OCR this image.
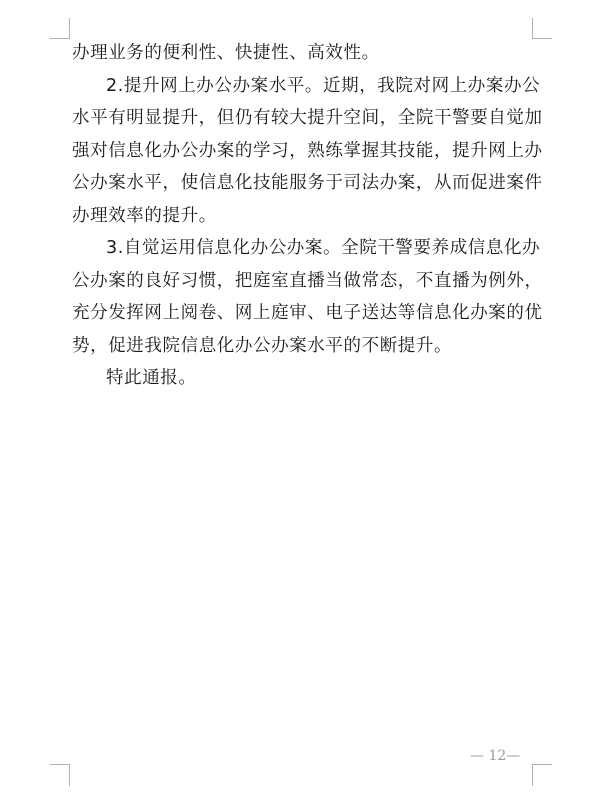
办理业务的便利性、快捷性、高效性。
2.提升网上办公办案水平。近期，我院对网上办案办公
水平有明显提升，但仍有较大提升空间，全院干警要自觉加
强对信息化办公办案的学习，熟练掌握其技能，提升网上办
公办案水平，使信息化技能服务于司法办案，从而促进案件
办理效率的提升。
3.自觉运用信息化办公办案。全院干警要养成信息化办
公办案的良好习惯，把庭室直播当做常态，不直播为例外，
充分发挥网上阅卷、网上庭审、电子送达等信息化办案的优
势，促进我院信息化办公办案水平的不断提升。
特此通报。
— 12—
